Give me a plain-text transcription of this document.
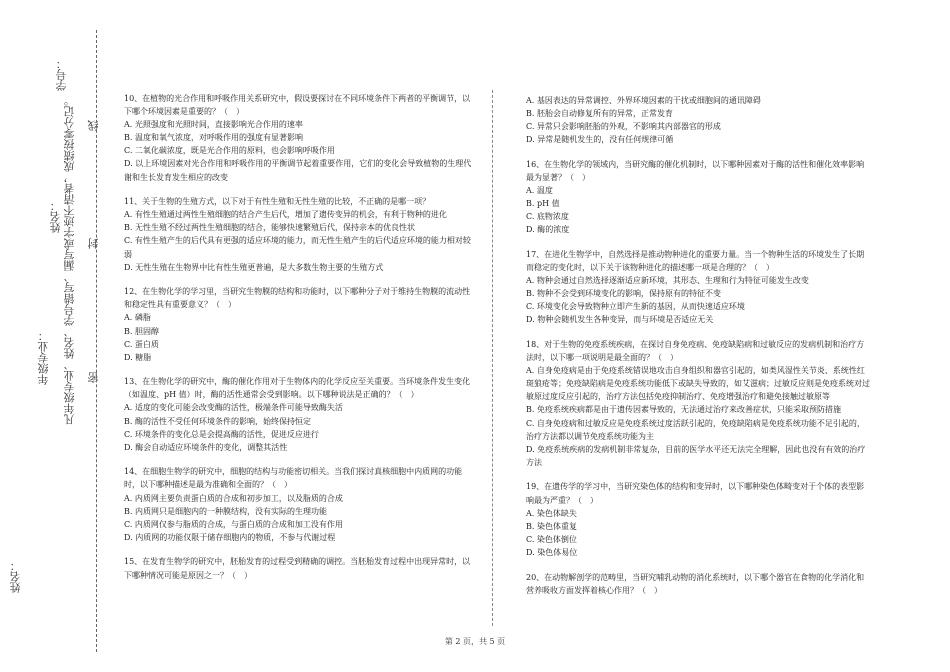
姓名：
年级专业： 凡年级专业、姓名、学号错写、漏写或字迹不清者，成绩按零分记。 密
封
线
姓名：
学号：

10、在植物的光合作用和呼吸作用关系研究中，假设要探讨在不同环境条件下两者的平衡调节，以下哪个环境因素是重要的？（　）

A. 光照强度和光照时间，直接影响光合作用的速率

B. 温度和氧气浓度，对呼吸作用的强度有显著影响

C. 二氧化碳浓度，既是光合作用的原料，也会影响呼吸作用

D. 以上环境因素对光合作用和呼吸作用的平衡调节起着重要作用，它们的变化会导致植物的生理代谢和生长发育发生相应的改变

11、关于生物的生殖方式，以下对于有性生殖和无性生殖的比较，不正确的是哪一项？

A. 有性生殖通过两性生殖细胞的结合产生后代，增加了遗传变异的机会，有利于物种的进化

B. 无性生殖不经过两性生殖细胞的结合，能够快速繁殖后代，保持亲本的优良性状

C. 有性生殖产生的后代具有更强的适应环境的能力，而无性生殖产生的后代适应环境的能力相对较弱

D. 无性生殖在生物界中比有性生殖更普遍，是大多数生物主要的生殖方式

12、在生物化学的学习里，当研究生物膜的结构和功能时，以下哪种分子对于维持生物膜的流动性和稳定性具有重要意义？（　）

A. 磷脂

B. 胆固醇

C. 蛋白质

D. 糖脂

13、在生物化学的研究中，酶的催化作用对于生物体内的化学反应至关重要。当环境条件发生变化（如温度、pH 值）时，酶的活性通常会受到影响。以下哪种说法是正确的？（　）

A. 适度的变化可能会改变酶的活性，极端条件可能导致酶失活

B. 酶的活性不受任何环境条件的影响，始终保持恒定

C. 环境条件的变化总是会提高酶的活性，促进反应进行

D. 酶会自动适应环境条件的变化，调整其活性

14、在细胞生物学的研究中，细胞的结构与功能密切相关。当我们探讨真核细胞中内质网的功能时，以下哪种描述是最为准确和全面的？（　）

A. 内质网主要负责蛋白质的合成和初步加工，以及脂质的合成

B. 内质网只是细胞内的一种膜结构，没有实际的生理功能

C. 内质网仅参与脂质的合成，与蛋白质的合成和加工没有作用

D. 内质网的功能仅限于储存细胞内的物质，不参与代谢过程

15、在发育生物学的研究中，胚胎发育的过程受到精确的调控。当胚胎发育过程中出现异常时，以下哪种情况可能是原因之一？（　）

A. 基因表达的异常调控、外界环境因素的干扰或细胞间的通讯障碍

B. 胚胎会自动修复所有的异常，正常发育

C. 异常只会影响胚胎的外观，不影响其内部器官的形成

D. 异常是随机发生的，没有任何规律可循

16、在生物化学的领域内，当研究酶的催化机制时，以下哪种因素对于酶的活性和催化效率影响最为显著？（　）

A. 温度

B. pH 值

C. 底物浓度

D. 酶的浓度

17、在进化生物学中，自然选择是推动物种进化的重要力量。当一个物种生活的环境发生了长期而稳定的变化时，以下关于该物种进化的描述哪一项是合理的？（　）

A. 物种会通过自然选择逐渐适应新环境，其形态、生理和行为特征可能发生改变

B. 物种不会受到环境变化的影响，保持原有的特征不变

C. 环境变化会导致物种立即产生新的基因，从而快速适应环境

D. 物种会随机发生各种变异，而与环境是否适应无关

18、对于生物的免疫系统疾病，在探讨自身免疫病、免疫缺陷病和过敏反应的发病机制和治疗方法时，以下哪一项说明是最全面的？（　）

A. 自身免疫病是由于免疫系统错误地攻击自身组织和器官引起的，如类风湿性关节炎、系统性红斑狼疮等；免疫缺陷病是免疫系统功能低下或缺失导致的，如艾滋病；过敏反应则是免疫系统对过敏原过度反应引起的，治疗方法包括免疫抑制治疗、免疫增强治疗和避免接触过敏原等

B. 免疫系统疾病都是由于遗传因素导致的，无法通过治疗来改善症状，只能采取预防措施

C. 自身免疫病和过敏反应是免疫系统过度活跃引起的，免疫缺陷病是免疫系统功能不足引起的，治疗方法都以调节免疫系统功能为主

D. 免疫系统疾病的发病机制非常复杂，目前的医学水平还无法完全理解，因此也没有有效的治疗方法

19、在遗传学的学习中，当研究染色体的结构和变异时，以下哪种染色体畸变对于个体的表型影响最为严重？（　）

A. 染色体缺失

B. 染色体重复

C. 染色体倒位

D. 染色体易位

20、在动物解剖学的范畴里，当研究哺乳动物的消化系统时，以下哪个器官在食物的化学消化和营养吸收方面发挥着核心作用？（　）

第 2 页，共 5 页
